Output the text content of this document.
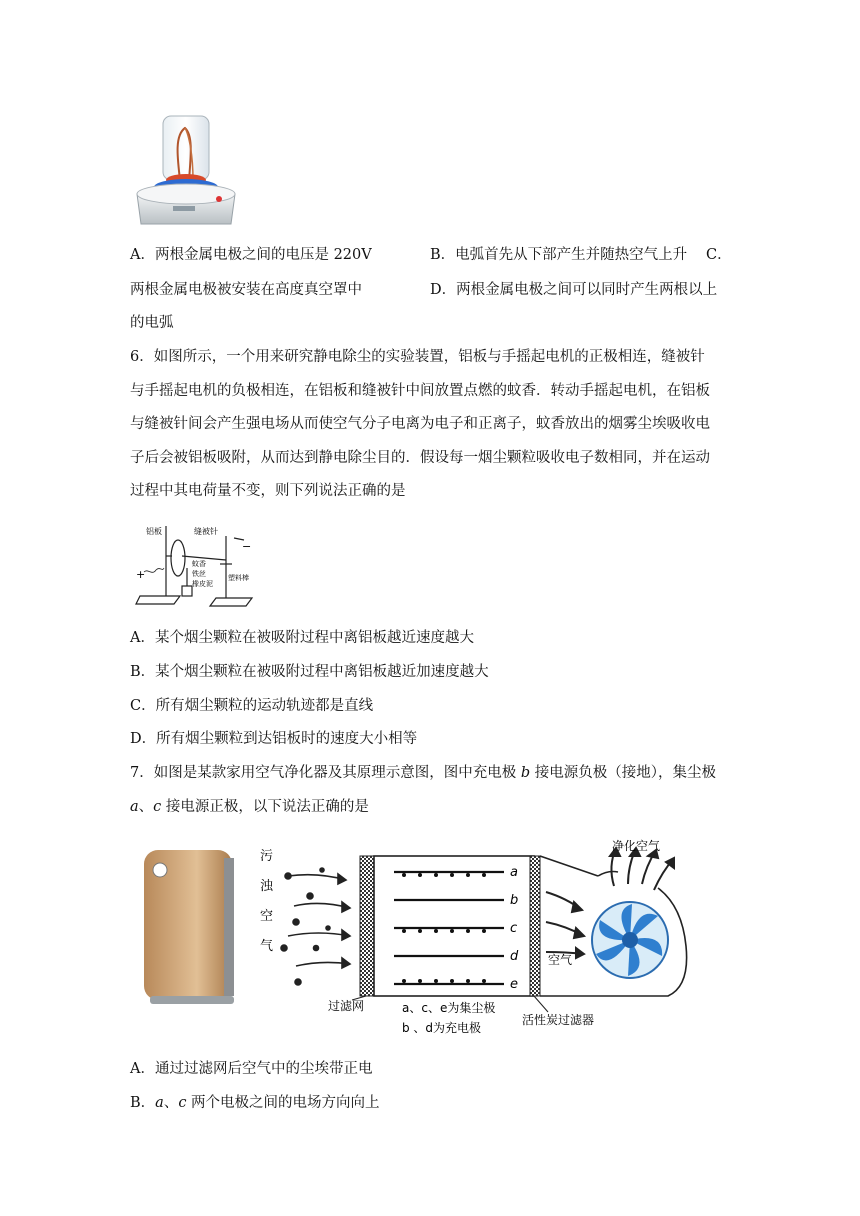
A．两根金属电极之间的电压是 220V	B．电弧首先从下部产生并随热空气上升 C．
两根金属电极被安装在高度真空罩中	D．两根金属电极之间可以同时产生两根以上
的电弧
6．如图所示，一个用来研究静电除尘的实验装置，铝板与手摇起电机的正极相连，缝被针
与手摇起电机的负极相连，在铝板和缝被针中间放置点燃的蚊香．转动手摇起电机，在铝板
与缝被针间会产生强电场从而使空气分子电离为电子和正离子，蚊香放出的烟雾尘埃吸收电
子后会被铝板吸附，从而达到静电除尘目的．假设每一烟尘颗粒吸收电子数相同，并在运动
过程中其电荷量不变，则下列说法正确的是
铝板	缝被针
蚊香
铁丝
橡皮泥
塑料棒
+
−
A．某个烟尘颗粒在被吸附过程中离铝板越近速度越大
B．某个烟尘颗粒在被吸附过程中离铝板越近加速度越大
C．所有烟尘颗粒的运动轨迹都是直线
D．所有烟尘颗粒到达铝板时的速度大小相等
7．如图是某款家用空气净化器及其原理示意图，图中充电极 b 接电源负极（接地），集尘极
a、c 接电源正极，以下说法正确的是
污
浊
空
气
a
b
c
d
e
净化空气
空气
过滤网	a、c、e为集尘极
b 、d为充电极
活性炭过滤器
A．通过过滤网后空气中的尘埃带正电
B．a、c 两个电极之间的电场方向向上
